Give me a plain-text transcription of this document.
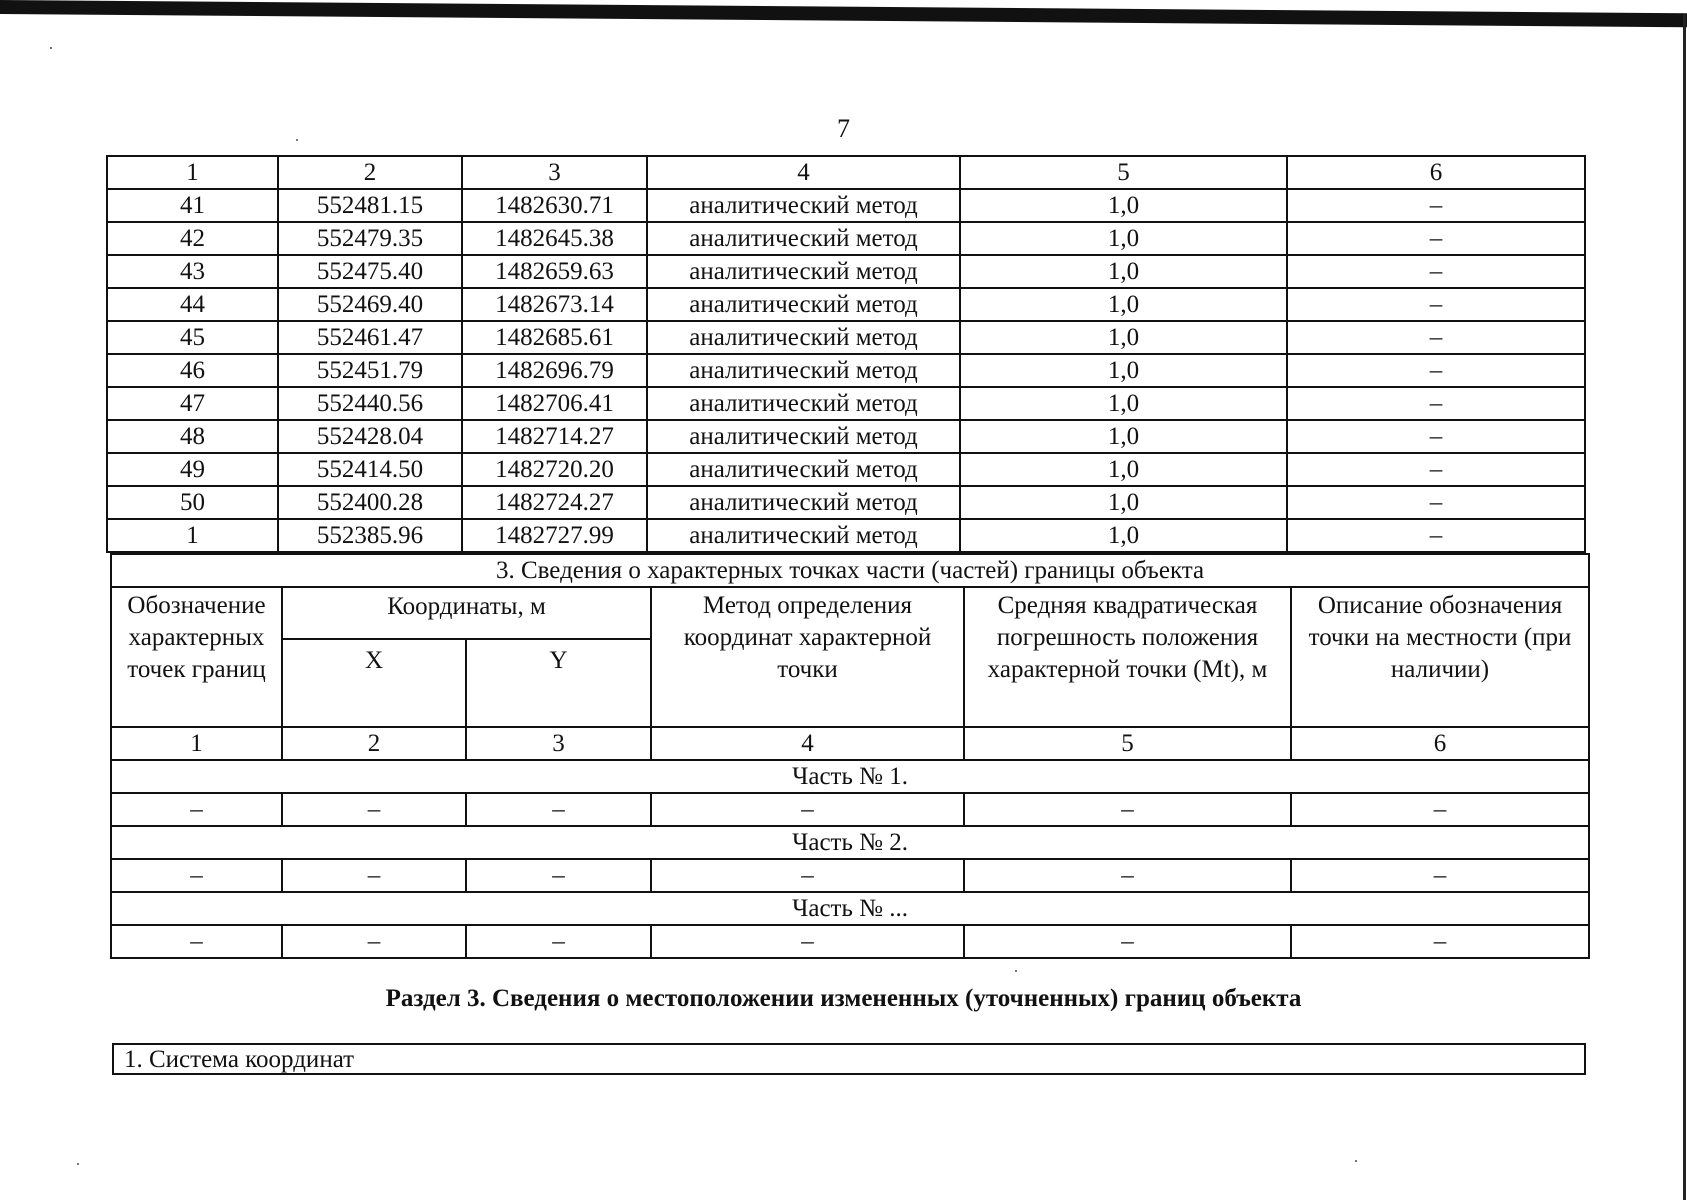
7
1	2	3	4	5	6
41	552481.15	1482630.71	аналитический метод	1,0	–
42	552479.35	1482645.38	аналитический метод	1,0	–
43	552475.40	1482659.63	аналитический метод	1,0	–
44	552469.40	1482673.14	аналитический метод	1,0	–
45	552461.47	1482685.61	аналитический метод	1,0	–
46	552451.79	1482696.79	аналитический метод	1,0	–
47	552440.56	1482706.41	аналитический метод	1,0	–
48	552428.04	1482714.27	аналитический метод	1,0	–
49	552414.50	1482720.20	аналитический метод	1,0	–
50	552400.28	1482724.27	аналитический метод	1,0	–
1	552385.96	1482727.99	аналитический метод	1,0	–
3. Сведения о характерных точках части (частей) границы объекта					
Обозначение характерных точек границ	Координаты, м		Метод определения координат характерной точки	Средняя квадратическая погрешность положения характерной точки (Mt), м	Описание обозначения точки на местности (при наличии)
	X	Y			
1	2	3	4	5	6
Часть № 1.					
–	–	–	–	–	–
Часть № 2.					
–	–	–	–	–	–
Часть № ...					
–	–	–	–	–	–
Раздел 3. Сведения о местоположении измененных (уточненных) границ объекта
1. Система координат
